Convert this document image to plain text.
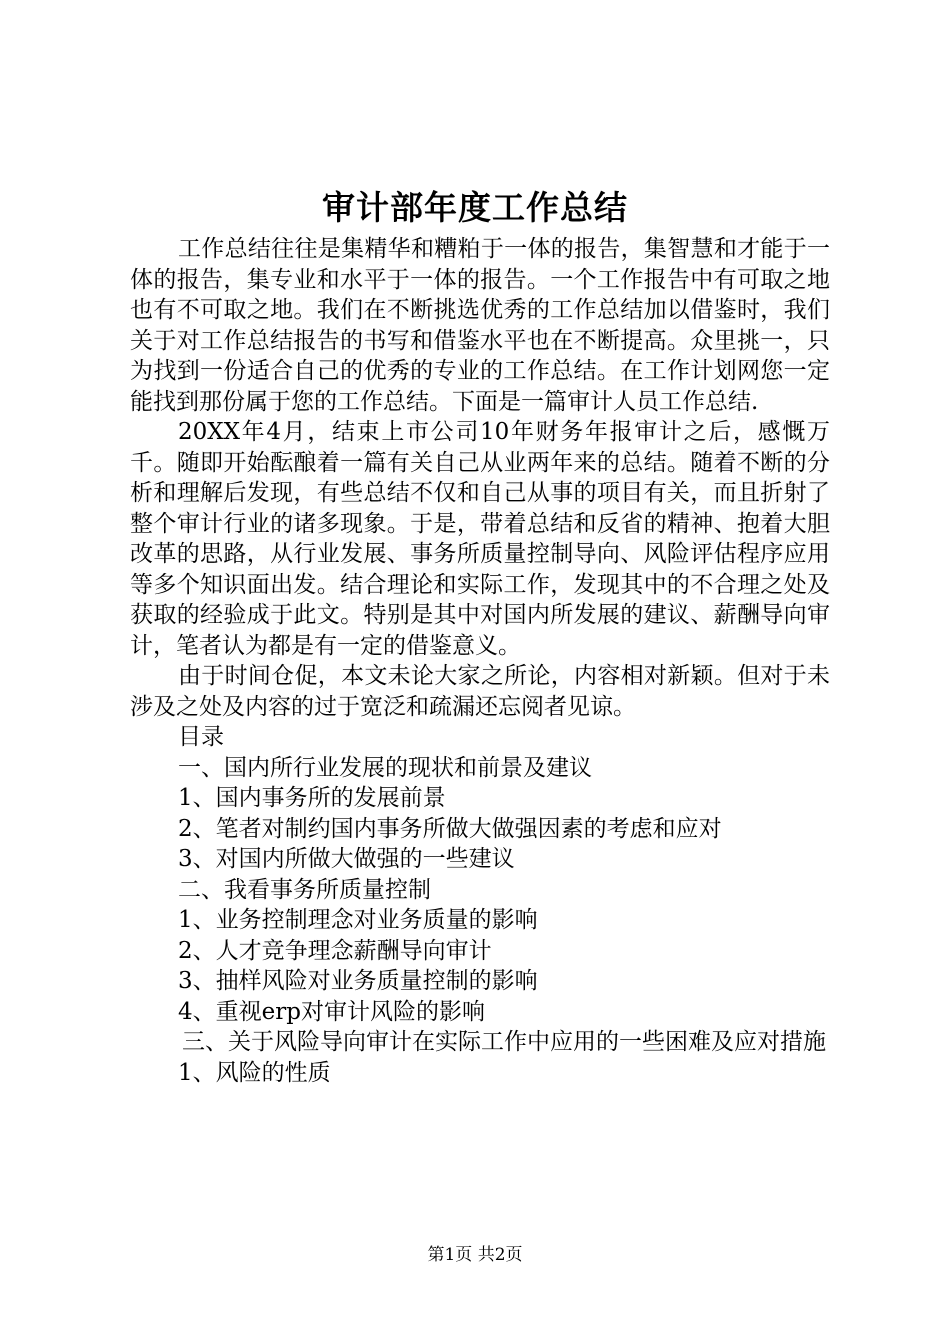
审计部年度工作总结

工作总结往往是集精华和糟粕于一体的报告，集智慧和才能于一体的报告，集专业和水平于一体的报告。一个工作报告中有可取之地也有不可取之地。我们在不断挑选优秀的工作总结加以借鉴时，我们关于对工作总结报告的书写和借鉴水平也在不断提高。众里挑一，只为找到一份适合自己的优秀的专业的工作总结。在工作计划网您一定能找到那份属于您的工作总结。下面是一篇审计人员工作总结.

20XX年4月，结束上市公司10年财务年报审计之后，感慨万千。随即开始酝酿着一篇有关自己从业两年来的总结。随着不断的分析和理解后发现，有些总结不仅和自己从事的项目有关，而且折射了整个审计行业的诸多现象。于是，带着总结和反省的精神、抱着大胆改革的思路，从行业发展、事务所质量控制导向、风险评估程序应用等多个知识面出发。结合理论和实际工作，发现其中的不合理之处及获取的经验成于此文。特别是其中对国内所发展的建议、薪酬导向审计，笔者认为都是有一定的借鉴意义。

由于时间仓促，本文未论大家之所论，内容相对新颖。但对于未涉及之处及内容的过于宽泛和疏漏还忘阅者见谅。

目录

一、国内所行业发展的现状和前景及建议

1、国内事务所的发展前景

2、笔者对制约国内事务所做大做强因素的考虑和应对

3、对国内所做大做强的一些建议

二、我看事务所质量控制

1、业务控制理念对业务质量的影响

2、人才竞争理念薪酬导向审计

3、抽样风险对业务质量控制的影响

4、重视erp对审计风险的影响

三、关于风险导向审计在实际工作中应用的一些困难及应对措施

1、风险的性质

第1页 共2页
